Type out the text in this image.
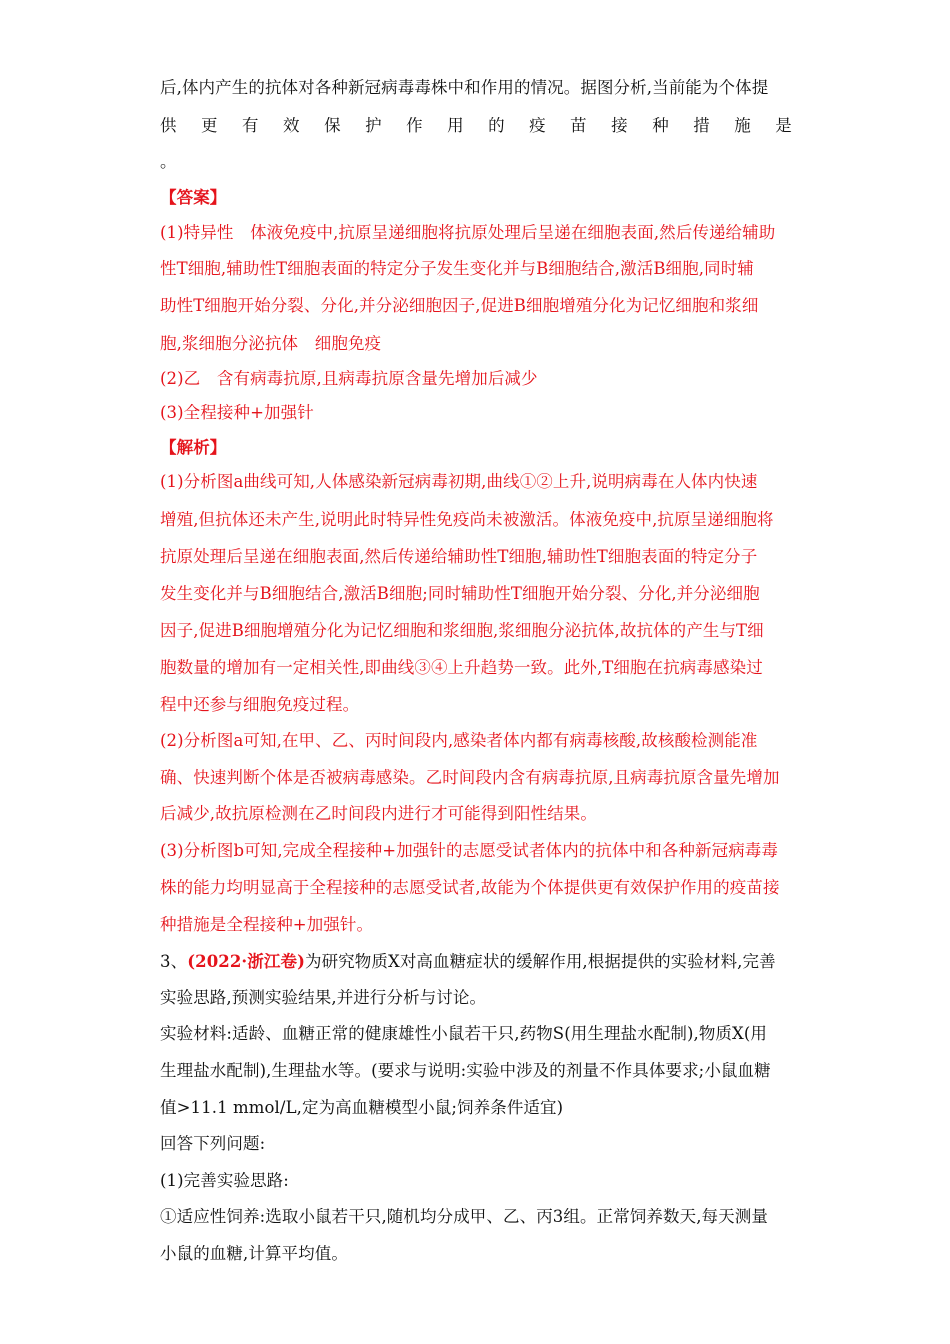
后,体内产生的抗体对各种新冠病毒毒株中和作用的情况。据图分析,当前能为个体提
供 更 有 效 保 护 作 用 的 疫 苗 接 种 措 施 是
。
【答案】
(1)特异性　体液免疫中,抗原呈递细胞将抗原处理后呈递在细胞表面,然后传递给辅助
性T细胞,辅助性T细胞表面的特定分子发生变化并与B细胞结合,激活B细胞,同时辅
助性T细胞开始分裂、分化,并分泌细胞因子,促进B细胞增殖分化为记忆细胞和浆细
胞,浆细胞分泌抗体　细胞免疫
(2)乙　含有病毒抗原,且病毒抗原含量先增加后减少
(3)全程接种+加强针
【解析】
(1)分析图a曲线可知,人体感染新冠病毒初期,曲线①②上升,说明病毒在人体内快速
增殖,但抗体还未产生,说明此时特异性免疫尚未被激活。体液免疫中,抗原呈递细胞将
抗原处理后呈递在细胞表面,然后传递给辅助性T细胞,辅助性T细胞表面的特定分子
发生变化并与B细胞结合,激活B细胞;同时辅助性T细胞开始分裂、分化,并分泌细胞
因子,促进B细胞增殖分化为记忆细胞和浆细胞,浆细胞分泌抗体,故抗体的产生与T细
胞数量的增加有一定相关性,即曲线③④上升趋势一致。此外,T细胞在抗病毒感染过
程中还参与细胞免疫过程。
(2)分析图a可知,在甲、乙、丙时间段内,感染者体内都有病毒核酸,故核酸检测能准
确、快速判断个体是否被病毒感染。乙时间段内含有病毒抗原,且病毒抗原含量先增加
后减少,故抗原检测在乙时间段内进行才可能得到阳性结果。
(3)分析图b可知,完成全程接种+加强针的志愿受试者体内的抗体中和各种新冠病毒毒
株的能力均明显高于全程接种的志愿受试者,故能为个体提供更有效保护作用的疫苗接
种措施是全程接种+加强针。
3、(2022·浙江卷)为研究物质X对高血糖症状的缓解作用,根据提供的实验材料,完善
实验思路,预测实验结果,并进行分析与讨论。
实验材料:适龄、血糖正常的健康雄性小鼠若干只,药物S(用生理盐水配制),物质X(用
生理盐水配制),生理盐水等。(要求与说明:实验中涉及的剂量不作具体要求;小鼠血糖
值>11.1 mmol/L,定为高血糖模型小鼠;饲养条件适宜)
回答下列问题:
(1)完善实验思路:
①适应性饲养:选取小鼠若干只,随机均分成甲、乙、丙3组。正常饲养数天,每天测量
小鼠的血糖,计算平均值。
